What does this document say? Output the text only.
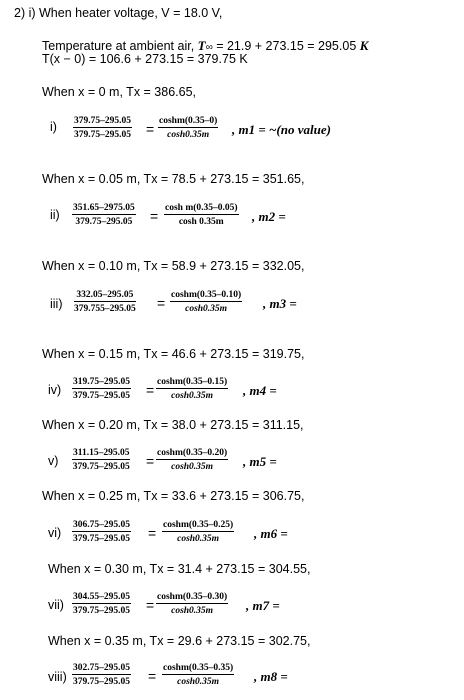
2) i) When heater voltage, V = 18.0 V,
Temperature at ambient air, T∞ = 21.9 + 273.15 = 295.05 K
T(x − 0) = 106.6 + 273.15 = 379.75 K
When x = 0 m, Tx = 386.65,
$i) \frac{379.75-295.05}{379.75-295.05} = \frac{\cosh m(0.35-0)}{\cosh 0.35m}$ , m1 = ~(no value)
When x = 0.05 m, Tx = 78.5 + 273.15 = 351.65,
$ii) \frac{351.65-2975.05}{379.75-295.05} = \frac{\text{cosh m(0.35–0.05)}}{\cosh 0.35m}$ , m2 =
When x = 0.10 m, Tx = 58.9 + 273.15 = 332.05,
$iii) \frac{332.05-295.05}{379.755-295.05} = \frac{\cosh m(0.35-0.10)}{\cosh 0.35m}$ , m3 =
When x = 0.15 m, Tx = 46.6 + 273.15 = 319.75,
$iv) \frac{319.75-295.05}{379.75-295.05} = \frac{\cosh m(0.35-0.15)}{\cosh 0.35m}$ , m4 =
When x = 0.20 m, Tx = 38.0 + 273.15 = 311.15,
$v) \frac{311.15-295.05}{379.75-295.05} = \frac{\cosh m(0.35-0.20)}{\cosh 0.35m}$ , m5 =
When x = 0.25 m, Tx = 33.6 + 273.15 = 306.75,
$vi) \frac{306.75-295.05}{379.75-295.05} = \frac{\cosh m(0.35-0.25)}{\cosh 0.35m}$ , m6 =
When x = 0.30 m, Tx = 31.4 + 273.15 = 304.55,
$vii) \frac{304.55-295.05}{379.75-295.05} = \frac{\cosh m(0.35-0.30)}{\cosh 0.35m}$ , m7 =
When x = 0.35 m, Tx = 29.6 + 273.15 = 302.75,
viii) $\frac{302.75-295.05}{379.75-295.05} = \frac{\cosh m(0.35-0.35)}{\cosh 0.35m}$ , m8 =
